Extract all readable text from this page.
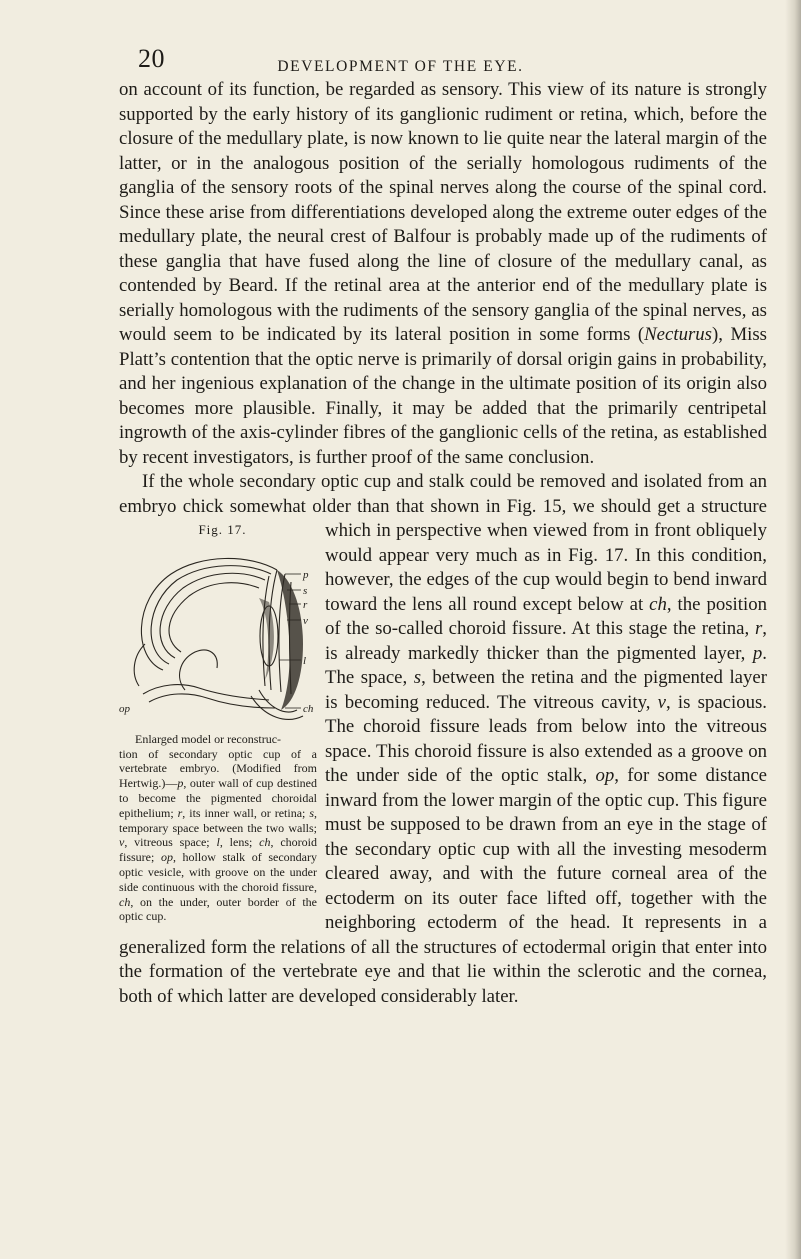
20	DEVELOPMENT OF THE EYE.

on account of its function, be regarded as sensory. This view of its nature is strongly supported by the early history of its ganglionic rudiment or retina, which, before the closure of the medullary plate, is now known to lie quite near the lateral margin of the latter, or in the analogous position of the serially homologous rudiments of the ganglia of the sensory roots of the spinal nerves along the course of the spinal cord. Since these arise from differentiations developed along the extreme outer edges of the medullary plate, the neural crest of Balfour is probably made up of the rudiments of these ganglia that have fused along the line of closure of the medullary canal, as contended by Beard. If the retinal area at the anterior end of the medullary plate is serially homologous with the rudiments of the sensory ganglia of the spinal nerves, as would seem to be indicated by its lateral position in some forms (Necturus), Miss Platt’s contention that the optic nerve is primarily of dorsal origin gains in probability, and her ingenious explanation of the change in the ultimate position of its origin also becomes more plausible. Finally, it may be added that the primarily centripetal ingrowth of the axis-cylinder fibres of the ganglionic cells of the retina, as established by recent investigators, is further proof of the same conclusion.

If the whole secondary optic cup and stalk could be removed and isolated from an embryo chick somewhat older than that shown in Fig. 15, we should get a structure which in perspective when viewed from in front
Fig. 17.
p
s
r
v
l
op	ch
Enlarged model or reconstruc-
tion of secondary optic cup of a vertebrate embryo. (Modified from Hertwig.)—p, outer wall of cup destined to become the pigmented choroidal epithelium; r, its inner wall, or retina; s, temporary space between the two walls; v, vitreous space; l, lens; ch, choroid fissure; op, hollow stalk of secondary optic vesicle, with groove on the under side continuous with the choroid fissure, ch, on the under, outer border of the optic cup.
obliquely would appear very much as in Fig. 17. In this condition, however, the edges of the cup would begin to bend inward toward the lens all round except below at ch, the position of the so-called choroid fissure. At this stage the retina, r, is already markedly thicker than the pigmented layer, p. The space, s, between the retina and the pigmented layer is becoming reduced. The vitreous cavity, v, is spacious. The choroid fissure leads from below into the vitreous space. This choroid fissure is also extended as a groove on the under side of the optic stalk, op, for some distance inward from the lower margin of the optic cup. This figure must be supposed to be drawn from an eye in the stage of the secondary optic cup with all the investing mesoderm cleared away, and with the future corneal area of the ectoderm on its outer face lifted off, together with the neighboring ectoderm of the head. It represents in a generalized form the relations of all the structures of ectodermal origin that enter into the formation of the vertebrate eye and that lie within the sclerotic and the cornea, both of which latter are developed considerably later.
